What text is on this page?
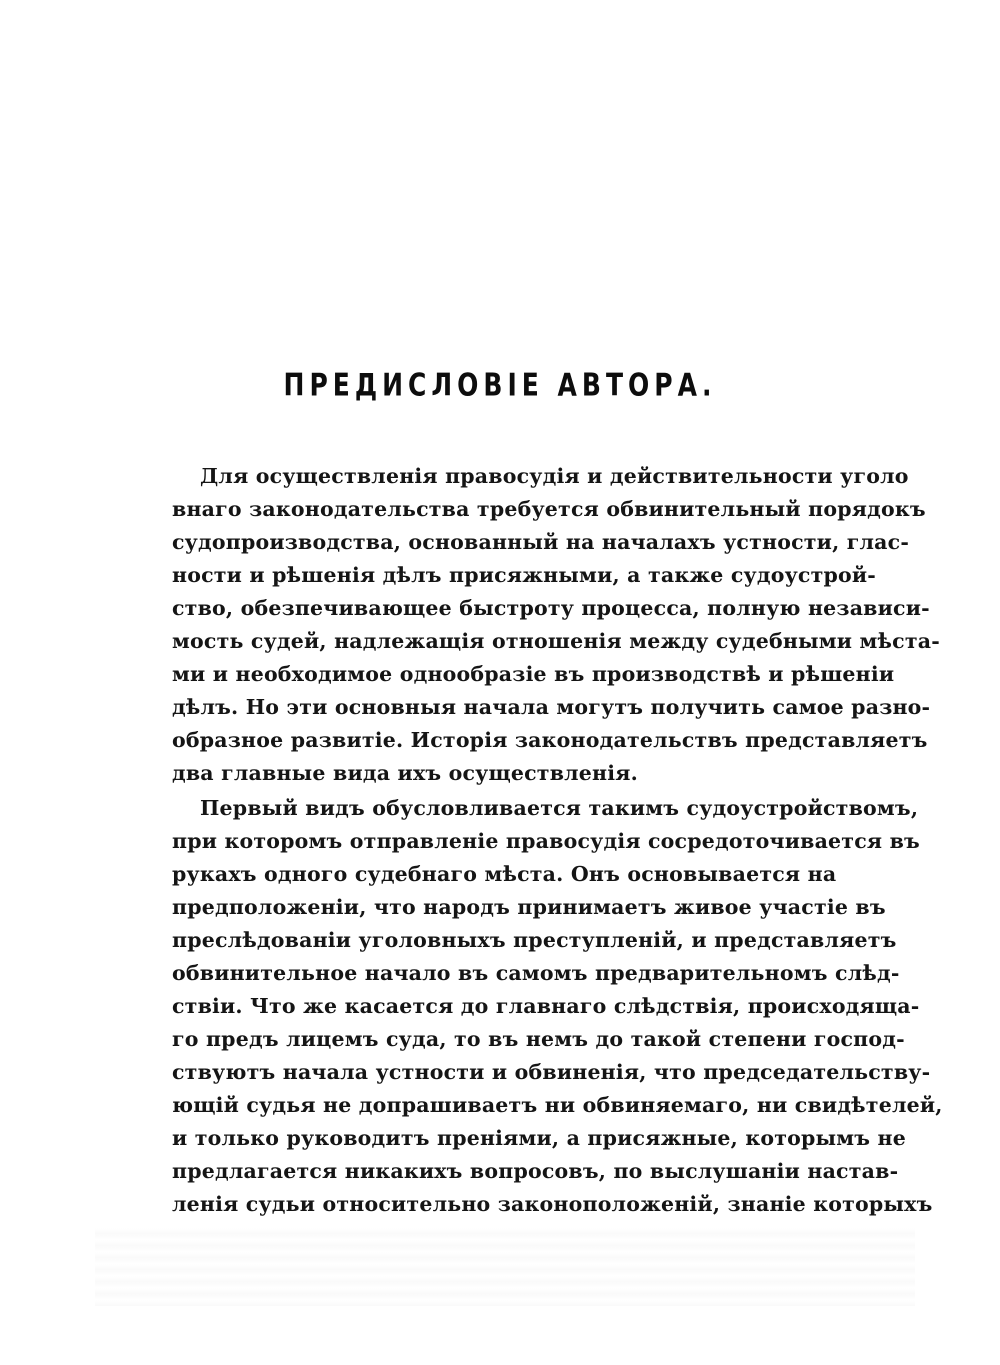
ПРЕДИСЛОВІЕ АВТОРА.
Для осуществленія правосудія и действительности уголо
внаго законодательства требуется обвинительный порядокъ
судопроизводства, основанный на началахъ устности, глас-
ности и рѣшенія дѣлъ присяжными, а также судоустрой-
ство, обезпечивающее быстроту процесса, полную независи-
мость судей, надлежащія отношенія между судебными мѣста-
ми и необходимое однообразіе въ производствѣ и рѣшеніи
дѣлъ. Но эти основныя начала могутъ получить самое разно-
образное развитіе. Исторія законодательствъ представляетъ
два главные вида ихъ осуществленія.
Первый видъ обусловливается такимъ судоустройствомъ,
при которомъ отправленіе правосудія сосредоточивается въ
рукахъ одного судебнаго мѣста. Онъ основывается на
предположеніи, что народъ принимаетъ живое участіе въ
преслѣдованіи уголовныхъ преступленій, и представляетъ
обвинительное начало въ самомъ предварительномъ слѣд-
ствіи. Что же касается до главнаго слѣдствія, происходяща-
го предъ лицемъ суда, то въ немъ до такой степени господ-
ствуютъ начала устности и обвиненія, что председательству-
ющій судья не допрашиваетъ ни обвиняемаго, ни свидѣтелей,
и только руководитъ преніями, а присяжные, которымъ не
предлагается никакихъ вопросовъ, по выслушаніи настав-
ленія судьи относительно законоположеній, знаніе которыхъ
